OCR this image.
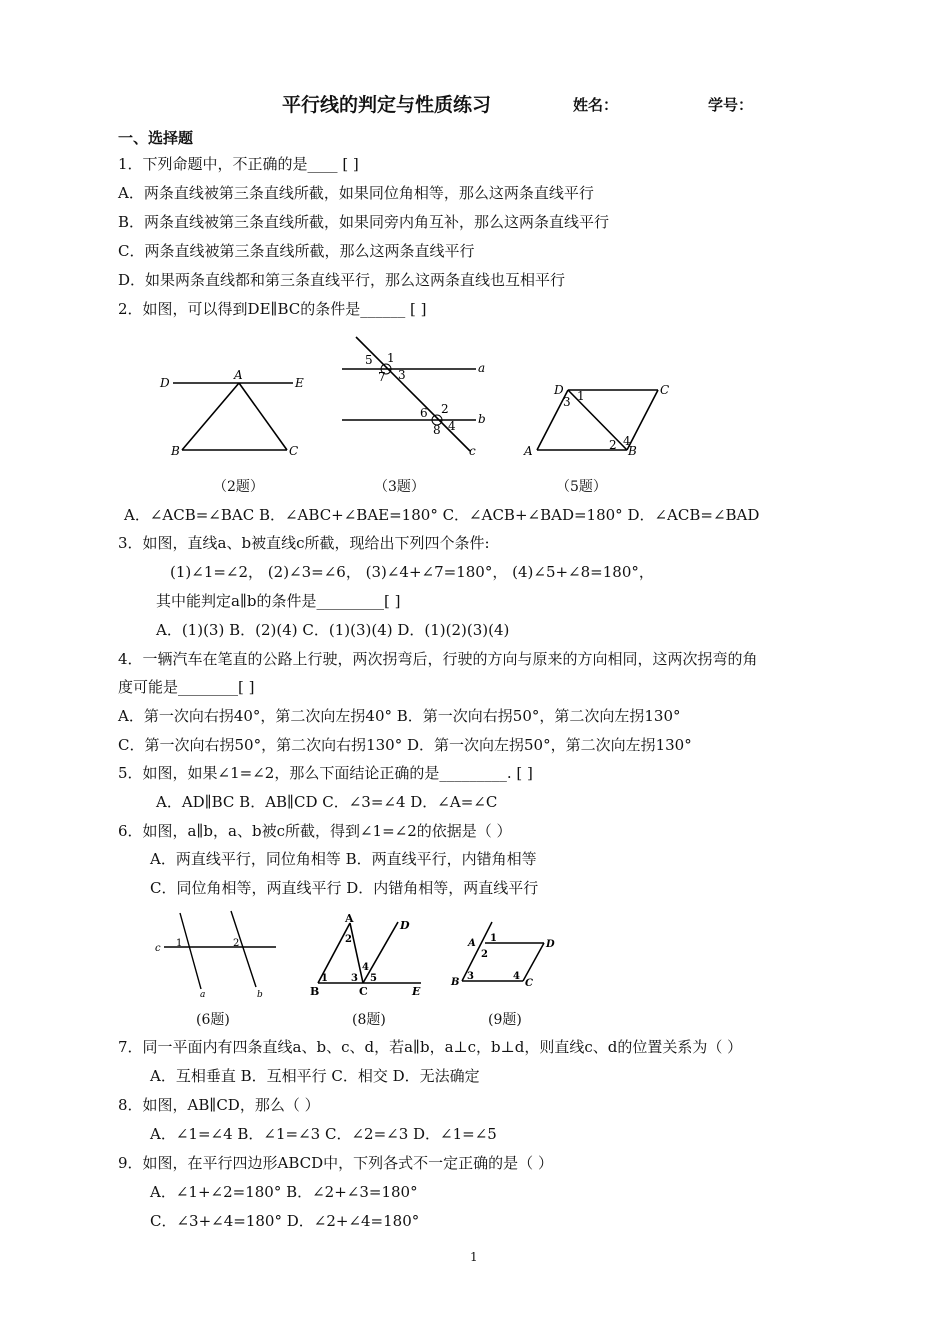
平行线的判定与性质练习	姓名：	学号：
一、选择题
1．下列命题中，不正确的是____ [ ]
A．两条直线被第三条直线所截，如果同位角相等，那么这两条直线平行
B．两条直线被第三条直线所截，如果同旁内角互补，那么这两条直线平行
C．两条直线被第三条直线所截，那么这两条直线平行
D．如果两条直线都和第三条直线平行，那么这两条直线也互相平行
2．如图，可以得到DE∥BC的条件是______ [ ]
D
A
E
B	C
5 1
7 3	a
6 2
8 4 b
c
D	C
3 1
A	2 4
B
（2题）	（3题）	（5题）
A．∠ACB=∠BAC B．∠ABC+∠BAE=180° C．∠ACB+∠BAD=180° D．∠ACB=∠BAD
3．如图，直线a、b被直线c所截，现给出下列四个条件:
(1)∠1=∠2， (2)∠3=∠6， (3)∠4+∠7=180°， (4)∠5+∠8=180°，
其中能判定a∥b的条件是_________[ ]
A．(1)(3) B．(2)(4) C．(1)(3)(4) D．(1)(2)(3)(4)
4．一辆汽车在笔直的公路上行驶，两次拐弯后，行驶的方向与原来的方向相同，这两次拐弯的角
度可能是________[ ]
A．第一次向右拐40°，第二次向左拐40° B．第一次向右拐50°，第二次向左拐130°
C．第一次向右拐50°，第二次向右拐130° D．第一次向左拐50°，第二次向左拐130°
5．如图，如果∠1=∠2，那么下面结论正确的是_________. [ ]
A．AD∥BC B．AB∥CD C．∠3=∠4 D．∠A=∠C
6．如图，a∥b，a、b被c所截，得到∠1=∠2的依据是（ ）
A．两直线平行，同位角相等 B．两直线平行，内错角相等
C．同位角相等，两直线平行 D．内错角相等，两直线平行
c 1	2
a	b
A
D
2
1 3
4
5
B	C	E
A 1
D
2
B
3	4
C
(6题)	(8题)	(9题)
7．同一平面内有四条直线a、b、c、d，若a∥b，a⊥c，b⊥d，则直线c、d的位置关系为（ ）
A．互相垂直 B．互相平行 C．相交 D．无法确定
8．如图，AB∥CD，那么（ ）
A．∠1=∠4 B．∠1=∠3 C．∠2=∠3 D．∠1=∠5
9．如图，在平行四边形ABCD中，下列各式不一定正确的是（ ）
A．∠1+∠2=180° B．∠2+∠3=180°
C．∠3+∠4=180° D．∠2+∠4=180°
1
